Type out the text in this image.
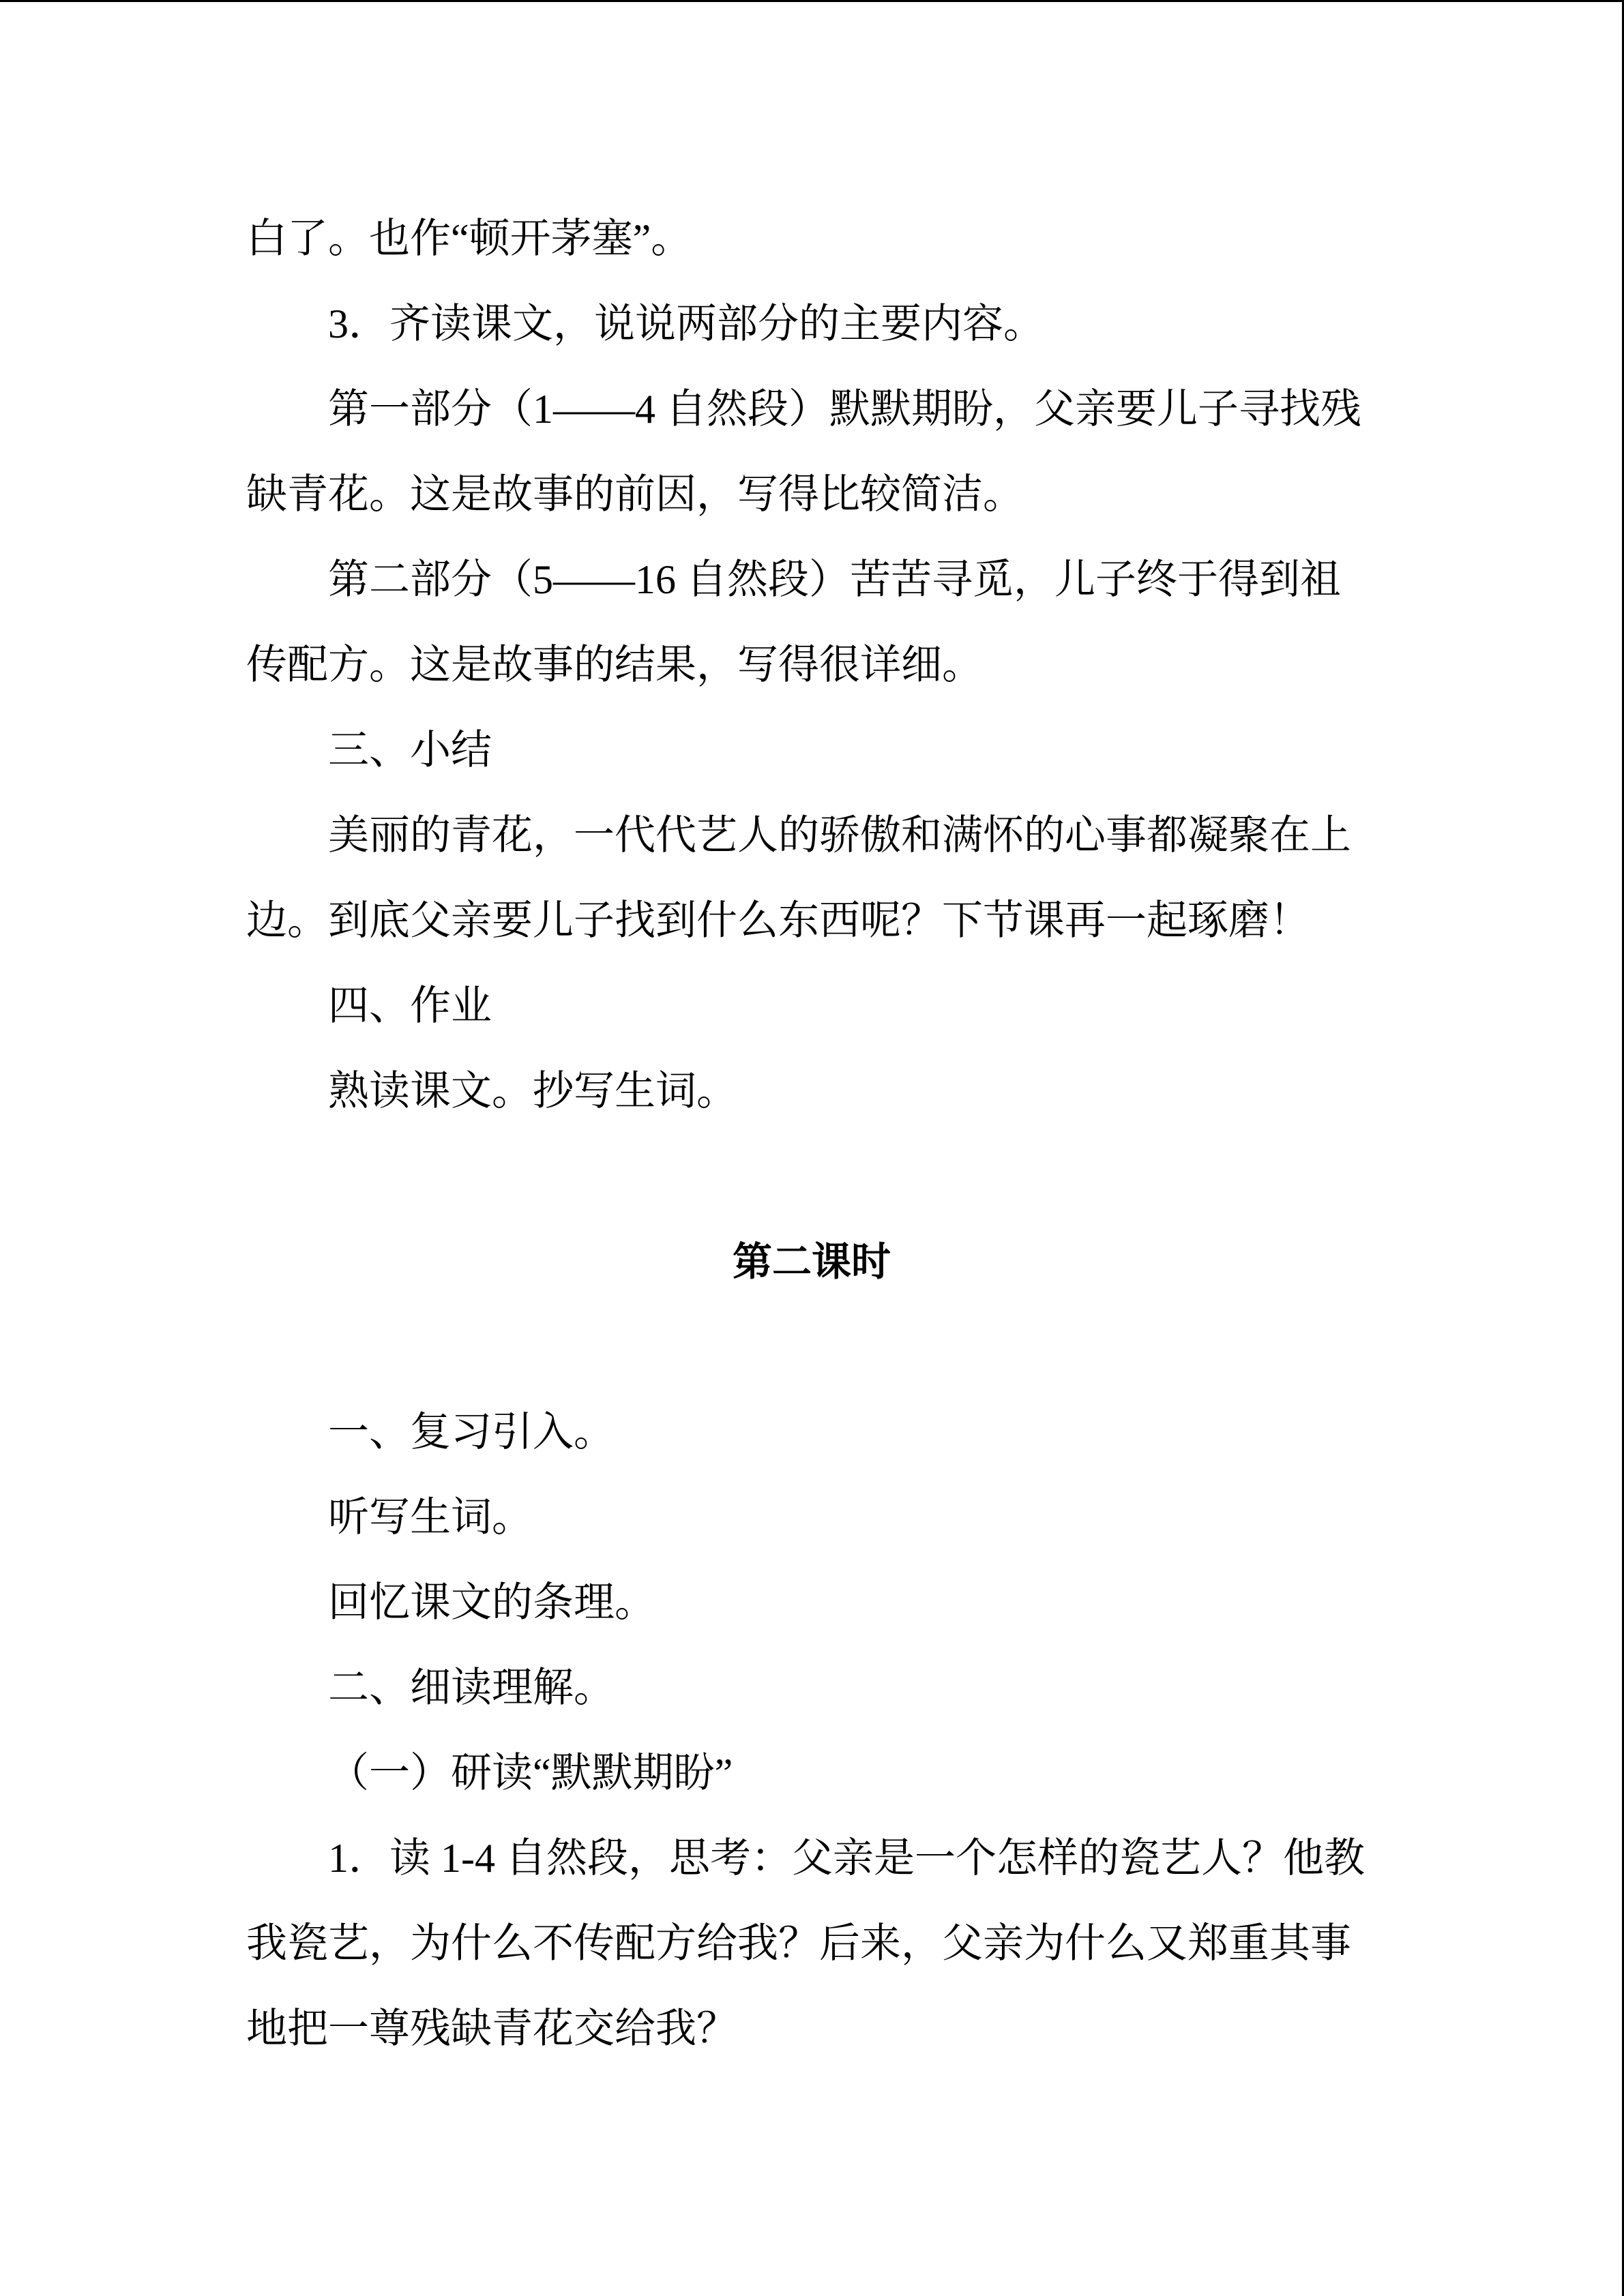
白了。也作“顿开茅塞”。
3．齐读课文，说说两部分的主要内容。
第一部分（1——4 自然段）默默期盼，父亲要儿子寻找残
缺青花。这是故事的前因，写得比较简洁。
第二部分（5——16 自然段）苦苦寻觅，儿子终于得到祖
传配方。这是故事的结果，写得很详细。
三、小结
美丽的青花，一代代艺人的骄傲和满怀的心事都凝聚在上
边。到底父亲要儿子找到什么东西呢？下节课再一起琢磨！
四、作业
熟读课文。抄写生词。
第二课时
一、复习引入。
听写生词。
回忆课文的条理。
二、细读理解。
（一）研读“默默期盼”
1．读 1-4 自然段，思考：父亲是一个怎样的瓷艺人？他教
我瓷艺，为什么不传配方给我？后来，父亲为什么又郑重其事
地把一尊残缺青花交给我？
